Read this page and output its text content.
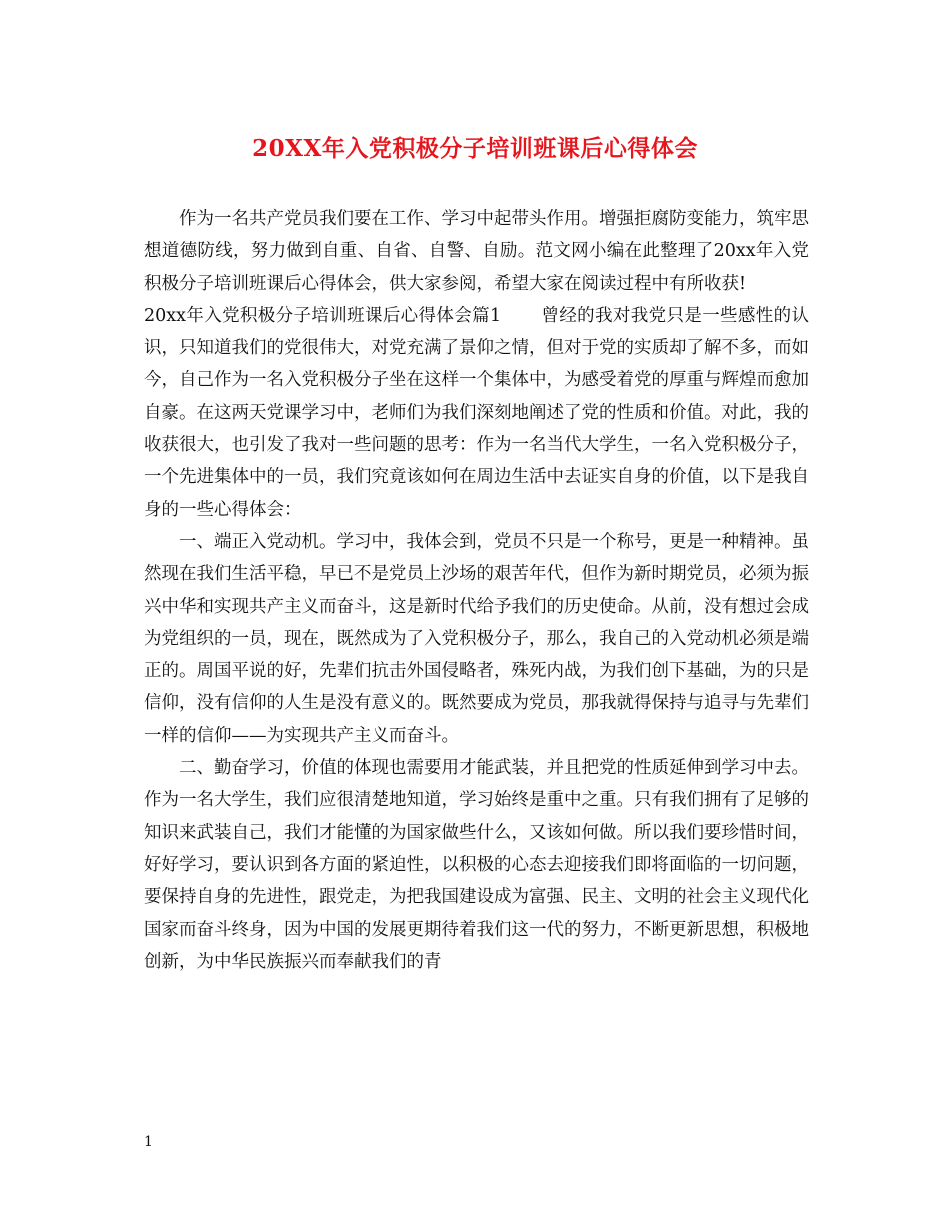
20XX年入党积极分子培训班课后心得体会

作为一名共产党员我们要在工作、学习中起带头作用。增强拒腐防变能力，筑牢思想道德防线，努力做到自重、自省、自警、自励。范文网小编在此整理了20xx年入党积极分子培训班课后心得体会，供大家参阅，希望大家在阅读过程中有所收获!

20xx年入党积极分子培训班课后心得体会篇1 曾经的我对我党只是一些感性的认识，只知道我们的党很伟大，对党充满了景仰之情，但对于党的实质却了解不多，而如今，自己作为一名入党积极分子坐在这样一个集体中，为感受着党的厚重与辉煌而愈加自豪。在这两天党课学习中，老师们为我们深刻地阐述了党的性质和价值。对此，我的收获很大，也引发了我对一些问题的思考：作为一名当代大学生，一名入党积极分子，一个先进集体中的一员，我们究竟该如何在周边生活中去证实自身的价值，以下是我自身的一些心得体会：

一、端正入党动机。学习中，我体会到，党员不只是一个称号，更是一种精神。虽然现在我们生活平稳，早已不是党员上沙场的艰苦年代，但作为新时期党员，必须为振兴中华和实现共产主义而奋斗，这是新时代给予我们的历史使命。从前，没有想过会成为党组织的一员，现在，既然成为了入党积极分子，那么，我自己的入党动机必须是端正的。周国平说的好，先辈们抗击外国侵略者，殊死内战，为我们创下基础，为的只是信仰，没有信仰的人生是没有意义的。既然要成为党员，那我就得保持与追寻与先辈们一样的信仰——为实现共产主义而奋斗。

二、勤奋学习，价值的体现也需要用才能武装，并且把党的性质延伸到学习中去。作为一名大学生，我们应很清楚地知道，学习始终是重中之重。只有我们拥有了足够的知识来武装自己，我们才能懂的为国家做些什么，又该如何做。所以我们要珍惜时间，好好学习，要认识到各方面的紧迫性，以积极的心态去迎接我们即将面临的一切问题，要保持自身的先进性，跟党走，为把我国建设成为富强、民主、文明的社会主义现代化国家而奋斗终身，因为中国的发展更期待着我们这一代的努力，不断更新思想，积极地创新，为中华民族振兴而奉献我们的青

1
